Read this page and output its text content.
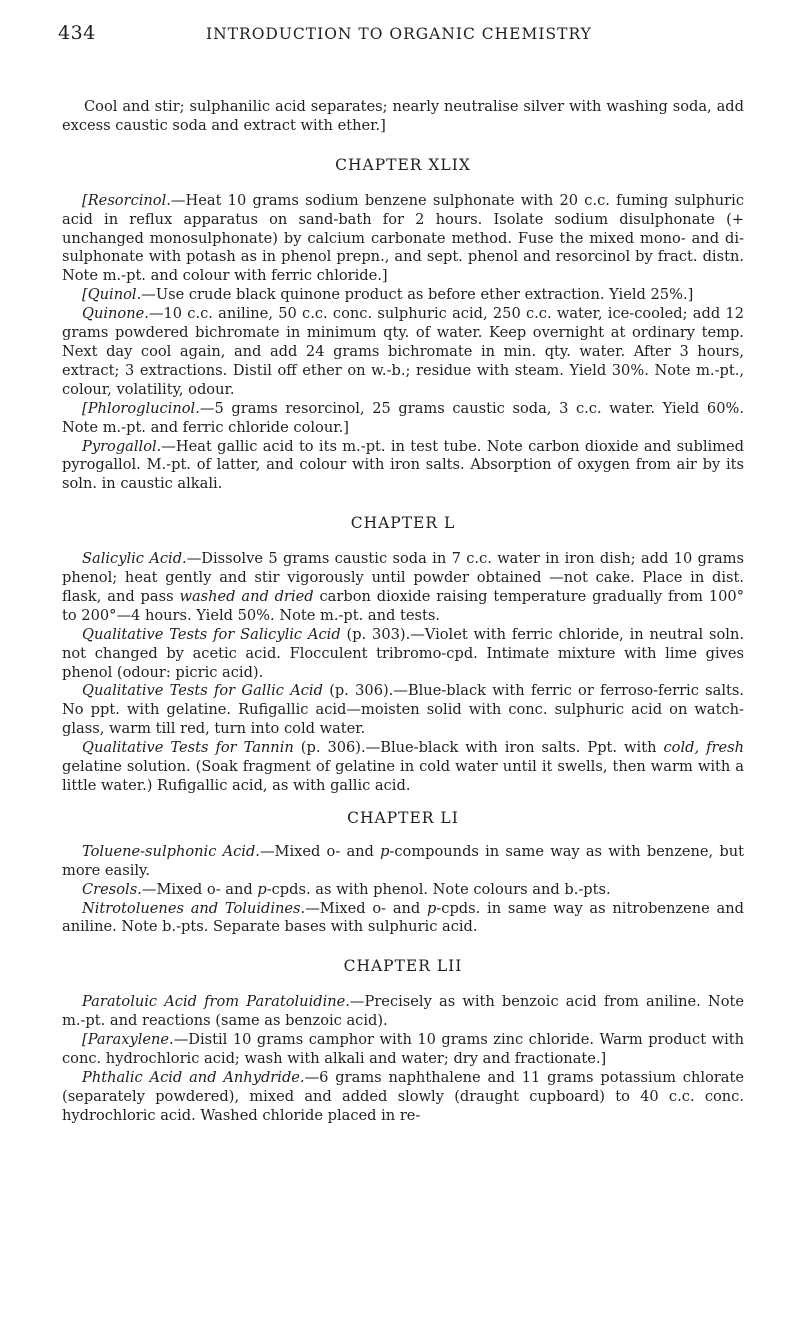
434	INTRODUCTION TO ORGANIC CHEMISTRY

Cool and stir; sulphanilic acid separates; nearly neutralise silver with washing soda, add excess caustic soda and extract with ether.]

CHAPTER XLIX

[Resorcinol.—Heat 10 grams sodium benzene sulphonate with 20 c.c. fuming sulphuric acid in reflux apparatus on sand-bath for 2 hours. Isolate sodium disulphonate (+ unchanged monosulphonate) by calcium carbonate method. Fuse the mixed mono- and di-sulphonate with potash as in phenol prepn., and sept. phenol and resorcinol by fract. distn. Note m.-pt. and colour with ferric chloride.]

[Quinol.—Use crude black quinone product as before ether extraction. Yield 25%.]

Quinone.—10 c.c. aniline, 50 c.c. conc. sulphuric acid, 250 c.c. water, ice-cooled; add 12 grams powdered bichromate in minimum qty. of water. Keep overnight at ordinary temp. Next day cool again, and add 24 grams bichromate in min. qty. water. After 3 hours, extract; 3 extractions. Distil off ether on w.-b.; residue with steam. Yield 30%. Note m.-pt., colour, volatility, odour.

[Phloroglucinol.—5 grams resorcinol, 25 grams caustic soda, 3 c.c. water. Yield 60%. Note m.-pt. and ferric chloride colour.]

Pyrogallol.—Heat gallic acid to its m.-pt. in test tube. Note carbon dioxide and sublimed pyrogallol. M.-pt. of latter, and colour with iron salts. Absorption of oxygen from air by its soln. in caustic alkali.

CHAPTER L

Salicylic Acid.—Dissolve 5 grams caustic soda in 7 c.c. water in iron dish; add 10 grams phenol; heat gently and stir vigorously until powder obtained —not cake. Place in dist. flask, and pass washed and dried carbon dioxide raising temperature gradually from 100° to 200°—4 hours. Yield 50%. Note m.-pt. and tests.

Qualitative Tests for Salicylic Acid (p. 303).—Violet with ferric chloride, in neutral soln. not changed by acetic acid. Flocculent tribromo-cpd. Intimate mixture with lime gives phenol (odour: picric acid).

Qualitative Tests for Gallic Acid (p. 306).—Blue-black with ferric or ferroso-ferric salts. No ppt. with gelatine. Rufigallic acid—moisten solid with conc. sulphuric acid on watch-glass, warm till red, turn into cold water.

Qualitative Tests for Tannin (p. 306).—Blue-black with iron salts. Ppt. with cold, fresh gelatine solution. (Soak fragment of gelatine in cold water until it swells, then warm with a little water.) Rufigallic acid, as with gallic acid.

CHAPTER LI

Toluene-sulphonic Acid.—Mixed o- and p-compounds in same way as with benzene, but more easily.

Cresols.—Mixed o- and p-cpds. as with phenol. Note colours and b.-pts.

Nitrotoluenes and Toluidines.—Mixed o- and p-cpds. in same way as nitrobenzene and aniline. Note b.-pts. Separate bases with sulphuric acid.

CHAPTER LII

Paratoluic Acid from Paratoluidine.—Precisely as with benzoic acid from aniline. Note m.-pt. and reactions (same as benzoic acid).

[Paraxylene.—Distil 10 grams camphor with 10 grams zinc chloride. Warm product with conc. hydrochloric acid; wash with alkali and water; dry and fractionate.]

Phthalic Acid and Anhydride.—6 grams naphthalene and 11 grams potassium chlorate (separately powdered), mixed and added slowly (draught cupboard) to 40 c.c. conc. hydrochloric acid. Washed chloride placed in re-
